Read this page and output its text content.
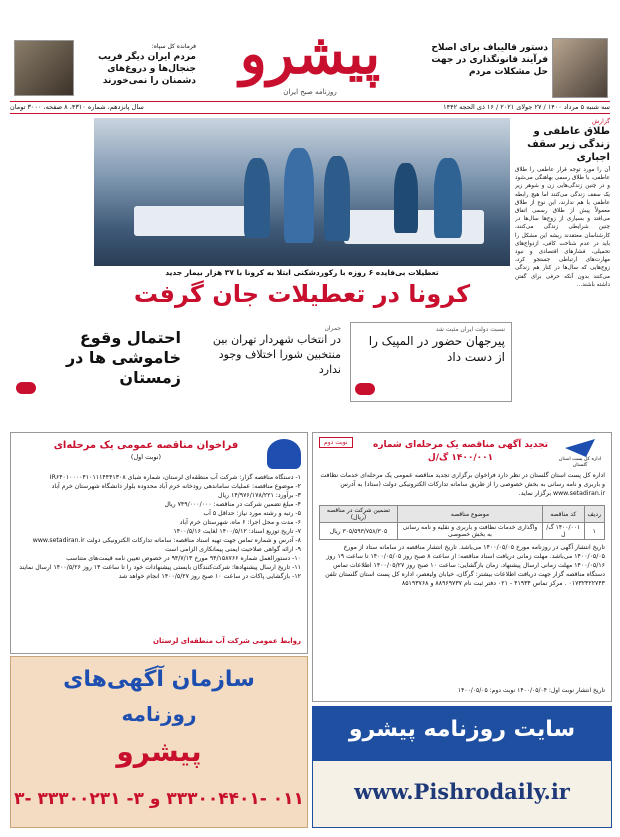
فرمانده کل سپاه:
مردم ایران دیگر فریب جنجال‌ها و دروغ‌های دشمنان را نمی‌خورند پیشرو
روزنامه صبح ایران
دستور قالیباف برای اصلاح فرآیند قانونگذاری در جهت حل مشکلات مردم
سال پانزدهم، شماره ۴۳۱۰، ۸ صفحه، ۳۰۰۰ تومان	سه شنبه ۵ مرداد ۱۴۰۰ / ۲۷ جولای ۲۰۲۱ / ۱۶ ذی الحجه ۱۴۴۲
تعطیلات بی‌فایده ۶ روزه با رکوردشکنی ابتلا به کرونا با ۳۷ هزار بیمار جدید
کرونا در تعطیلات جان گرفت
گزارش
طلاق عاطفی و زندگی زیر سقف اجباری
آن را مورد توجه قرار عاطفی را طلاق عاطفی، با طلاق رسمی بهاهنگی می‌شود و در چنین زندگی‌هایی زن و شوهر زیر یک سقف زندگی می‌کنند اما هیچ رابطه عاطفی با هم ندارند، این نوع از طلاق معمولاً پیش از طلاق رسمی اتفاق می‌افتد و بسیاری از زوج‌ها سال‌ها در چنین شرایطی زندگی می‌کنند، کارشناسان معتقدند ریشه این مشکل را باید در عدم شناخت کافی، ازدواج‌های تحمیلی، فشارهای اقتصادی و نبود مهارت‌های ارتباطی جستجو کرد، زوج‌هایی که سال‌ها در کنار هم زندگی می‌کنند بدون آنکه حرفی برای گفتن داشته باشند...
نسبت دولت ایران مثبت شد
پیرجهان حضور در المپیک را از دست داد
جمران
در انتخاب شهردار تهران بین منتخبین شورا اختلاف وجود ندارد
احتمال وقوع خاموشی ها در زمستان
نوبت دوم	تجدید آگهی مناقصه یک مرحله‌ای شماره ۱۴۰۰/۰۰۱ گ/ل	اداره کل پست استان گلستان
اداره کل پست استان گلستان در نظر دارد فراخوان برگزاری تجدید مناقصه عمومی یک مرحله‌ای خدمات نظافت و باربری و نامه رسانی به بخش خصوصی را از طریق سامانه تدارکات الکترونیکی دولت (ستاد) به آدرس www.setadiran.ir برگزار نماید.
ردیف	کد مناقصه	موضوع مناقصه	تضمین شرکت در مناقصه (ریال)
۱	۱۴۰۰/۰۰۱ گ/ل	واگذاری خدمات نظافت و باربری و نقلیه و نامه رسانی به بخش خصوصی	۳۰۵/۵۹۳/۷۵۸/۳۰۵ ریال
تاریخ انتشار آگهی در روزنامه مورخ ۱۴۰۰/۰۵/۰۵ می‌باشد. تاریخ انتشار مناقصه در سامانه ستاد از مورخ ۱۴۰۰/۰۵/۰۵ می‌باشد. مهلت زمانی دریافت اسناد مناقصه: از ساعت ۸ صبح روز ۱۴۰۰/۰۵/۰۵ تا ساعت ۱۹ روز ۱۴۰۰/۰۵/۱۶ مهلت زمانی ارسال پیشنهاد. زمان بازگشایی: ساعت ۱۰ صبح روز ۱۴۰۰/۰۵/۲۷ اطلاعات تماس دستگاه مناقصه گزار جهت دریافت اطلاعات بیشتر: گرگان، خیابان ولیعصر، اداره کل پست استان گلستان تلفن ۰۱۷۳۲۳۲۲۷۴۳ . مرکز تماس ۴۱۹۳۴ - ۰۲۱ دفتر ثبت نام ۸۸۹۶۹۷۳۷ و ۸۵۱۹۳۷۶۸
تاریخ انتشار نوبت اول: ۱۴۰۰/۰۵/۰۴ نوبت دوم: ۱۴۰۰/۰۵/۰۵
فراخوان مناقصه عمومی یک مرحله‌ای
(نوبت اول)
۱- دستگاه مناقصه گزار: شرکت آب منطقه‌ای لرستان، شماره شبای IR۶۴۰۱۰۰۰۰۴۱۰۱۱۱۴۴۴۱۳۰۸
۲- موضوع مناقصه: عملیات ساماندهی رودخانه خرم آباد محدوده بلوار دانشگاه شهرستان خرم آباد
۳- برآورد: ۱۴/۹۷۶/۱۷۸/۲۲۱ ریال
۴- مبلغ تضمین شرکت در مناقصه: ۷۴۹/۰۰۰/۰۰۰ ریال
۵- رتبه و رشته مورد نیاز: حداقل ۵ آب
۶- مدت و محل اجرا: ۶ ماه، شهرستان خرم آباد
۷- تاریخ توزیع اسناد: ۱۴۰۰/۵/۱۲ لغایت ۱۴۰۰/۵/۱۶
۸- آدرس و شماره تماس جهت تهیه اسناد مناقصه: سامانه تدارکات الکترونیکی دولت www.setadiran.ir
۹- ارائه گواهی صلاحیت ایمنی پیمانکاری الزامی است
۱۰- دستورالعمل شماره ۹۴/۱۵۸۷۶۶ مورخ ۹۴/۷/۱۳ در خصوص تعیین نامه قیمت‌های متناسب
۱۱- تاریخ ارسال پیشنهادها: شرکت‌کنندگان بایستی پیشنهادات خود را تا ساعت ۱۴ روز ۱۴۰۰/۵/۲۶ ارسال نمایند
۱۲- بازگشایی پاکات در ساعت ۱۰ صبح روز ۱۴۰۰/۵/۲۷ انجام خواهد شد
روابط عمومی شرکت آب منطقه‌ای لرستان
سازمان آگهی‌های
روزنامه
پیشرو
۰۱۱ -۳۳۳۰۰۴۴۰۱ و ۳- ۳۳۳۰۰۲۳۱ -۳
سایت روزنامه پیشرو
www.Pishrodaily.ir
